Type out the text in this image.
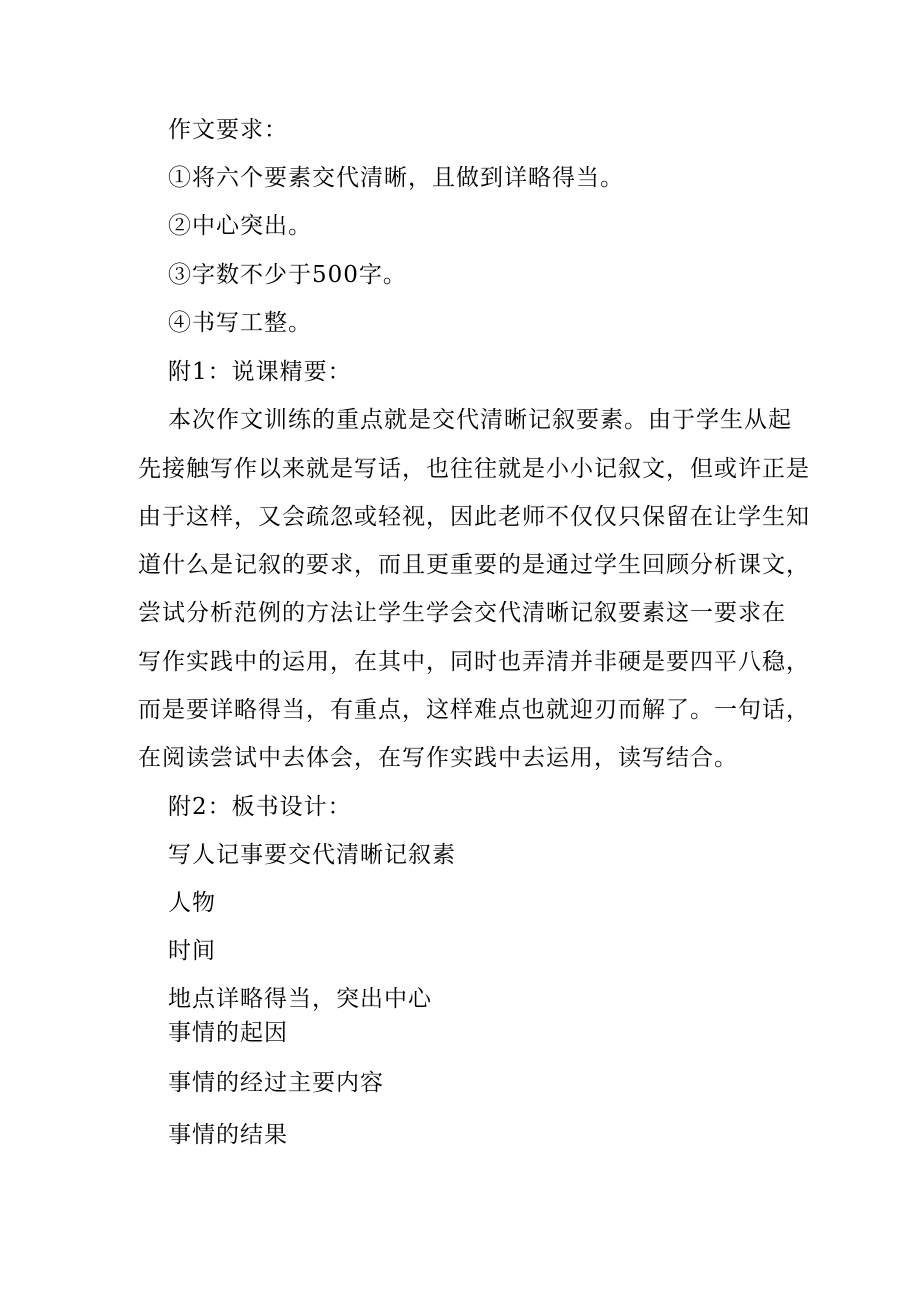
作文要求：
①将六个要素交代清晰，且做到详略得当。
②中心突出。
③字数不少于500字。
④书写工整。
附1：说课精要：
本次作文训练的重点就是交代清晰记叙要素。由于学生从起
先接触写作以来就是写话，也往往就是小小记叙文，但或许正是
由于这样，又会疏忽或轻视，因此老师不仅仅只保留在让学生知
道什么是记叙的要求，而且更重要的是通过学生回顾分析课文，
尝试分析范例的方法让学生学会交代清晰记叙要素这一要求在
写作实践中的运用，在其中，同时也弄清并非硬是要四平八稳，
而是要详略得当，有重点，这样难点也就迎刃而解了。一句话，
在阅读尝试中去体会，在写作实践中去运用，读写结合。
附2：板书设计：
写人记事要交代清晰记叙素
人物
时间
地点详略得当，突出中心
事情的起因
事情的经过主要内容
事情的结果
